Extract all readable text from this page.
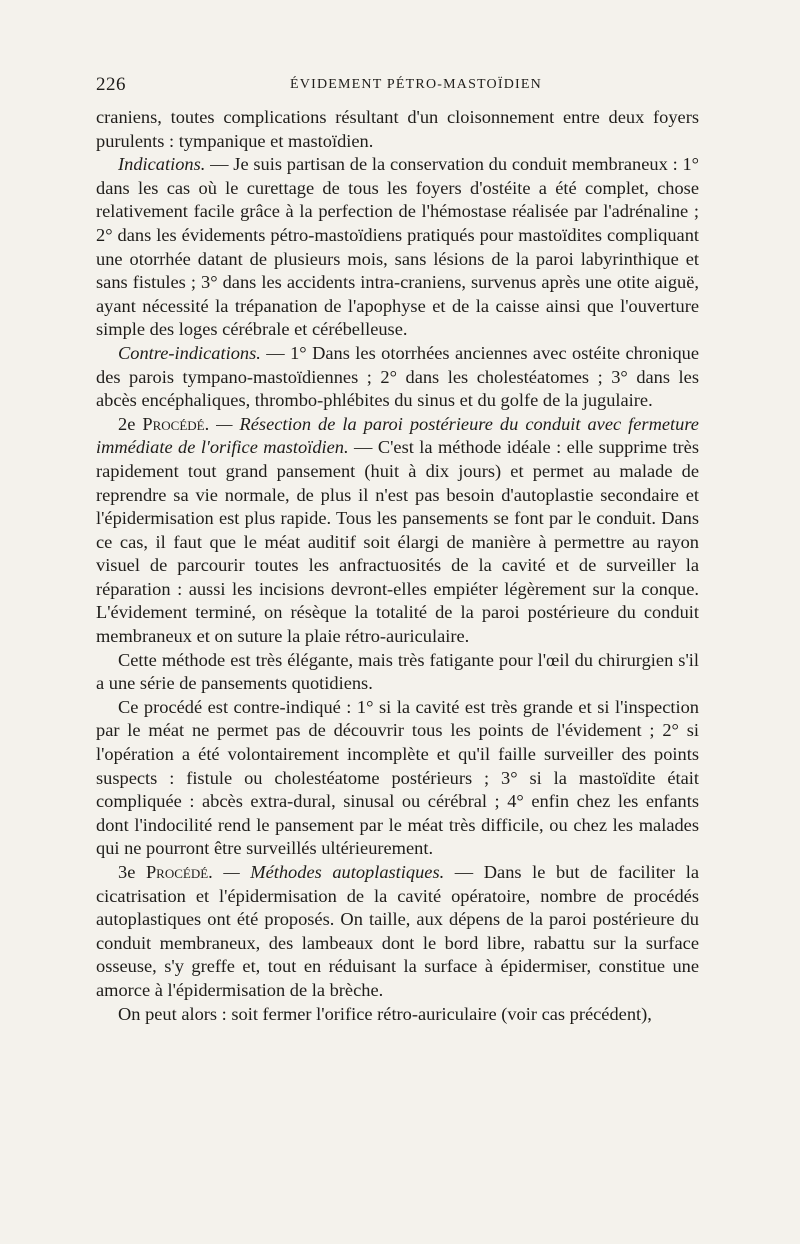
226	ÉVIDEMENT PÉTRO-MASTOÏDIEN

craniens, toutes complications résultant d'un cloisonnement entre deux foyers purulents : tympanique et mastoïdien.

Indications. — Je suis partisan de la conservation du conduit membraneux : 1° dans les cas où le curettage de tous les foyers d'ostéite a été complet, chose relativement facile grâce à la perfection de l'hémostase réalisée par l'adrénaline ; 2° dans les évidements pétro-mastoïdiens pratiqués pour mastoïdites compliquant une otorrhée datant de plusieurs mois, sans lésions de la paroi labyrinthique et sans fistules ; 3° dans les accidents intra-craniens, survenus après une otite aiguë, ayant nécessité la trépanation de l'apophyse et de la caisse ainsi que l'ouverture simple des loges cérébrale et cérébelleuse.

Contre-indications. — 1° Dans les otorrhées anciennes avec ostéite chronique des parois tympano-mastoïdiennes ; 2° dans les cholestéatomes ; 3° dans les abcès encéphaliques, thrombo-phlébites du sinus et du golfe de la jugulaire.

2e Procédé. — Résection de la paroi postérieure du conduit avec fermeture immédiate de l'orifice mastoïdien. — C'est la méthode idéale : elle supprime très rapidement tout grand pansement (huit à dix jours) et permet au malade de reprendre sa vie normale, de plus il n'est pas besoin d'autoplastie secondaire et l'épidermisation est plus rapide. Tous les pansements se font par le conduit. Dans ce cas, il faut que le méat auditif soit élargi de manière à permettre au rayon visuel de parcourir toutes les anfractuosités de la cavité et de surveiller la réparation : aussi les incisions devront-elles empiéter légèrement sur la conque. L'évidement terminé, on résèque la totalité de la paroi postérieure du conduit membraneux et on suture la plaie rétro-auriculaire.

Cette méthode est très élégante, mais très fatigante pour l'œil du chirurgien s'il a une série de pansements quotidiens.

Ce procédé est contre-indiqué : 1° si la cavité est très grande et si l'inspection par le méat ne permet pas de découvrir tous les points de l'évidement ; 2° si l'opération a été volontairement incomplète et qu'il faille surveiller des points suspects : fistule ou cholestéatome postérieurs ; 3° si la mastoïdite était compliquée : abcès extra-dural, sinusal ou cérébral ; 4° enfin chez les enfants dont l'indocilité rend le pansement par le méat très difficile, ou chez les malades qui ne pourront être surveillés ultérieurement.

3e Procédé. — Méthodes autoplastiques. — Dans le but de faciliter la cicatrisation et l'épidermisation de la cavité opératoire, nombre de procédés autoplastiques ont été proposés. On taille, aux dépens de la paroi postérieure du conduit membraneux, des lambeaux dont le bord libre, rabattu sur la surface osseuse, s'y greffe et, tout en réduisant la surface à épidermiser, constitue une amorce à l'épidermisation de la brèche.

On peut alors : soit fermer l'orifice rétro-auriculaire (voir cas précédent),
